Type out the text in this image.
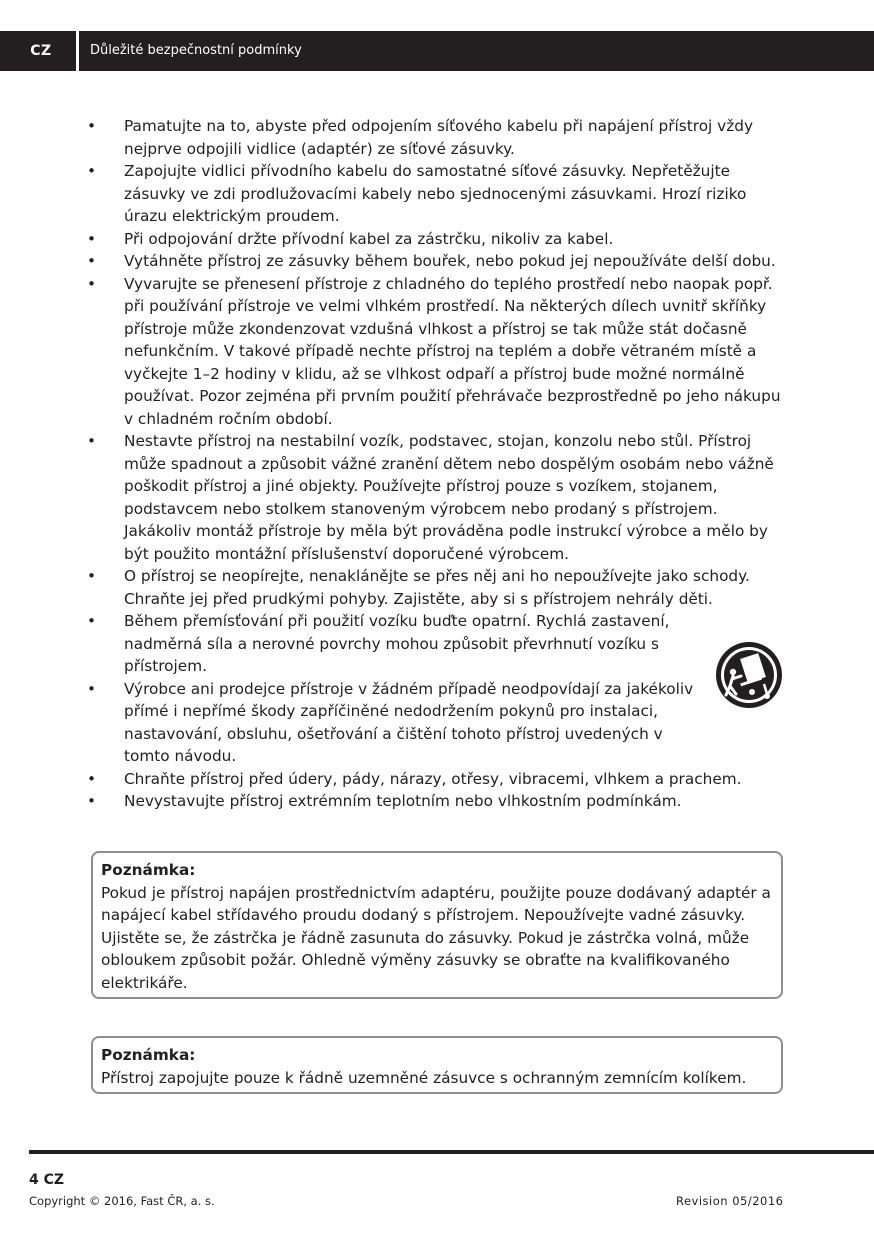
CZ	Důležité bezpečnostní podmínky
• Pamatujte na to, abyste před odpojením síťového kabelu při napájení přístroj vždy nejprve odpojili vidlice (adaptér) ze síťové zásuvky.
• Zapojujte vidlici přívodního kabelu do samostatné síťové zásuvky. Nepřetěžujte zásuvky ve zdi prodlužovacími kabely nebo sjednocenými zásuvkami. Hrozí riziko úrazu elektrickým proudem.
• Při odpojování držte přívodní kabel za zástrčku, nikoliv za kabel.
• Vytáhněte přístroj ze zásuvky během bouřek, nebo pokud jej nepoužíváte delší dobu.
• Vyvarujte se přenesení přístroje z chladného do teplého prostředí nebo naopak popř. při používání přístroje ve velmi vlhkém prostředí. Na některých dílech uvnitř skříňky přístroje může zkondenzovat vzdušná vlhkost a přístroj se tak může stát dočasně nefunkčním. V takové případě nechte přístroj na teplém a dobře větraném místě a vyčkejte 1–2 hodiny v klidu, až se vlhkost odpaří a přístroj bude možné normálně používat. Pozor zejména při prvním použití přehrávače bezprostředně po jeho nákupu v chladném ročním období.
• Nestavte přístroj na nestabilní vozík, podstavec, stojan, konzolu nebo stůl. Přístroj může spadnout a způsobit vážné zranění dětem nebo dospělým osobám nebo vážně poškodit přístroj a jiné objekty. Používejte přístroj pouze s vozíkem, stojanem, podstavcem nebo stolkem stanoveným výrobcem nebo prodaný s přístrojem. Jakákoliv montáž přístroje by měla být prováděna podle instrukcí výrobce a mělo by být použito montážní příslušenství doporučené výrobcem.
• O přístroj se neopírejte, nenaklánějte se přes něj ani ho nepoužívejte jako schody. Chraňte jej před prudkými pohyby. Zajistěte, aby si s přístrojem nehrály děti.
• Během přemísťování při použití vozíku buďte opatrní. Rychlá zastavení, nadměrná síla a nerovné povrchy mohou způsobit převrhnutí vozíku s přístrojem.
• Výrobce ani prodejce přístroje v žádném případě neodpovídají za jakékoliv přímé i nepřímé škody zapříčiněné nedodržením pokynů pro instalaci, nastavování, obsluhu, ošetřování a čištění tohoto přístroj uvedených v tomto návodu.
• Chraňte přístroj před údery, pády, nárazy, otřesy, vibracemi, vlhkem a prachem.
• Nevystavujte přístroj extrémním teplotním nebo vlhkostním podmínkám.
Poznámka:
Pokud je přístroj napájen prostřednictvím adaptéru, použijte pouze dodávaný adaptér a napájecí kabel střídavého proudu dodaný s přístrojem. Nepoužívejte vadné zásuvky. Ujistěte se, že zástrčka je řádně zasunuta do zásuvky. Pokud je zástrčka volná, může obloukem způsobit požár. Ohledně výměny zásuvky se obraťte na kvalifikovaného elektrikáře.
Poznámka:
Přístroj zapojujte pouze k řádně uzemněné zásuvce s ochranným zemnícím kolíkem.
4 CZ
Copyright © 2016, Fast ČR, a. s.	Revision 05/2016
